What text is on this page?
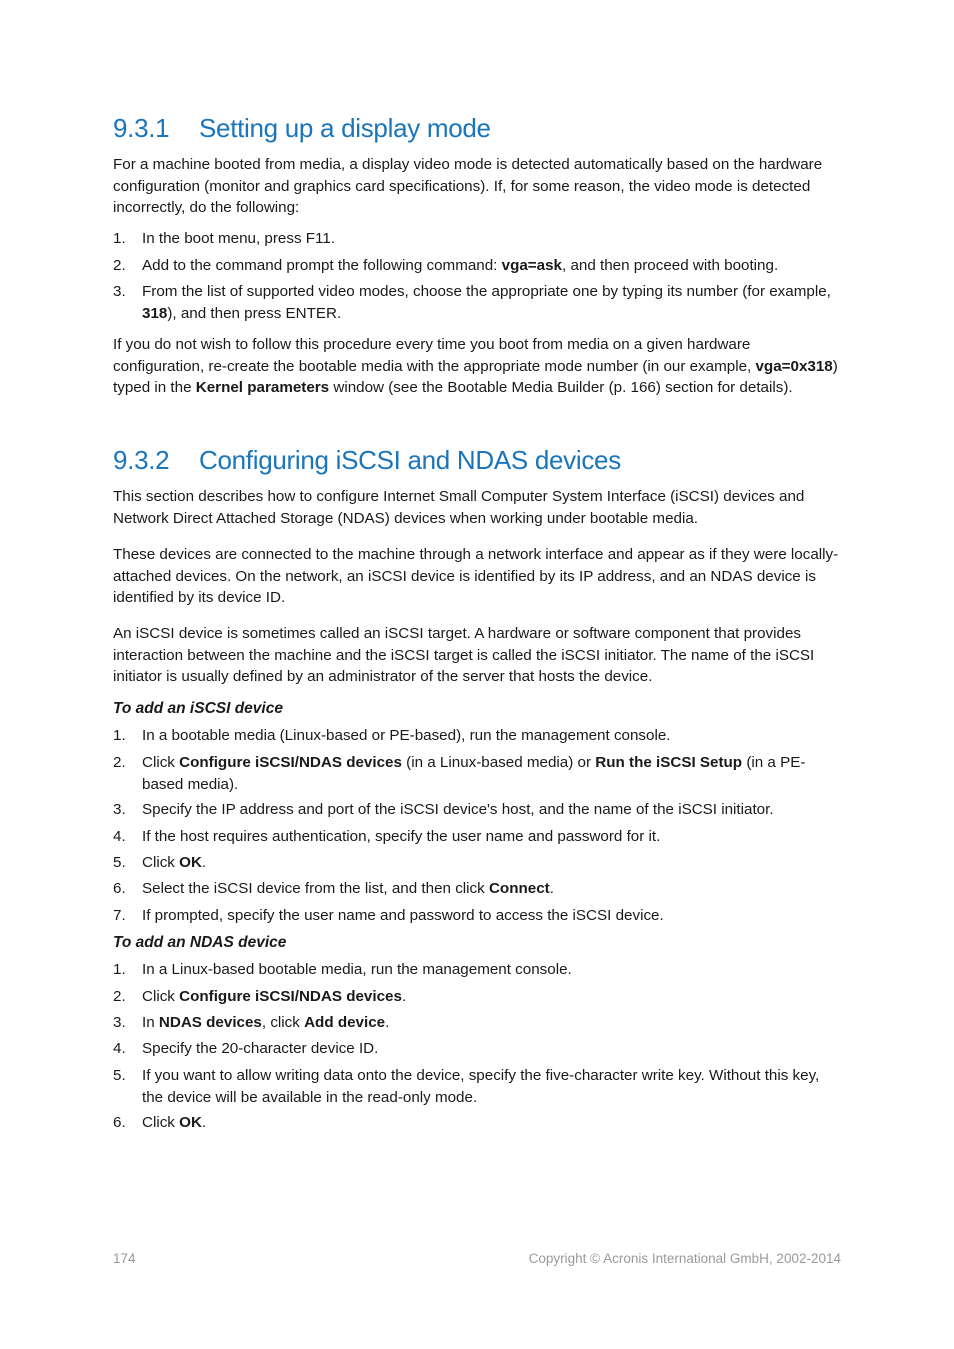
9.3.1 Setting up a display mode

For a machine booted from media, a display video mode is detected automatically based on the hardware configuration (monitor and graphics card specifications). If, for some reason, the video mode is detected incorrectly, do the following:

1.	In the boot menu, press F11.
2.	Add to the command prompt the following command: vga=ask, and then proceed with booting.
3.	From the list of supported video modes, choose the appropriate one by typing its number (for example, 318), and then press ENTER.

If you do not wish to follow this procedure every time you boot from media on a given hardware configuration, re-create the bootable media with the appropriate mode number (in our example, vga=0x318) typed in the Kernel parameters window (see the Bootable Media Builder (p. 166) section for details).

9.3.2 Configuring iSCSI and NDAS devices

This section describes how to configure Internet Small Computer System Interface (iSCSI) devices and Network Direct Attached Storage (NDAS) devices when working under bootable media.

These devices are connected to the machine through a network interface and appear as if they were locally-attached devices. On the network, an iSCSI device is identified by its IP address, and an NDAS device is identified by its device ID.

An iSCSI device is sometimes called an iSCSI target. A hardware or software component that provides interaction between the machine and the iSCSI target is called the iSCSI initiator. The name of the iSCSI initiator is usually defined by an administrator of the server that hosts the device.

To add an iSCSI device

1.	In a bootable media (Linux-based or PE-based), run the management console.
2.	Click Configure iSCSI/NDAS devices (in a Linux-based media) or Run the iSCSI Setup (in a PE-based media).
3.	Specify the IP address and port of the iSCSI device's host, and the name of the iSCSI initiator.
4.	If the host requires authentication, specify the user name and password for it.
5.	Click OK.
6.	Select the iSCSI device from the list, and then click Connect.
7.	If prompted, specify the user name and password to access the iSCSI device.

To add an NDAS device

1.	In a Linux-based bootable media, run the management console.
2.	Click Configure iSCSI/NDAS devices.
3.	In NDAS devices, click Add device.
4.	Specify the 20-character device ID.
5.	If you want to allow writing data onto the device, specify the five-character write key. Without this key, the device will be available in the read-only mode.
6.	Click OK.
174	Copyright © Acronis International GmbH, 2002-2014
